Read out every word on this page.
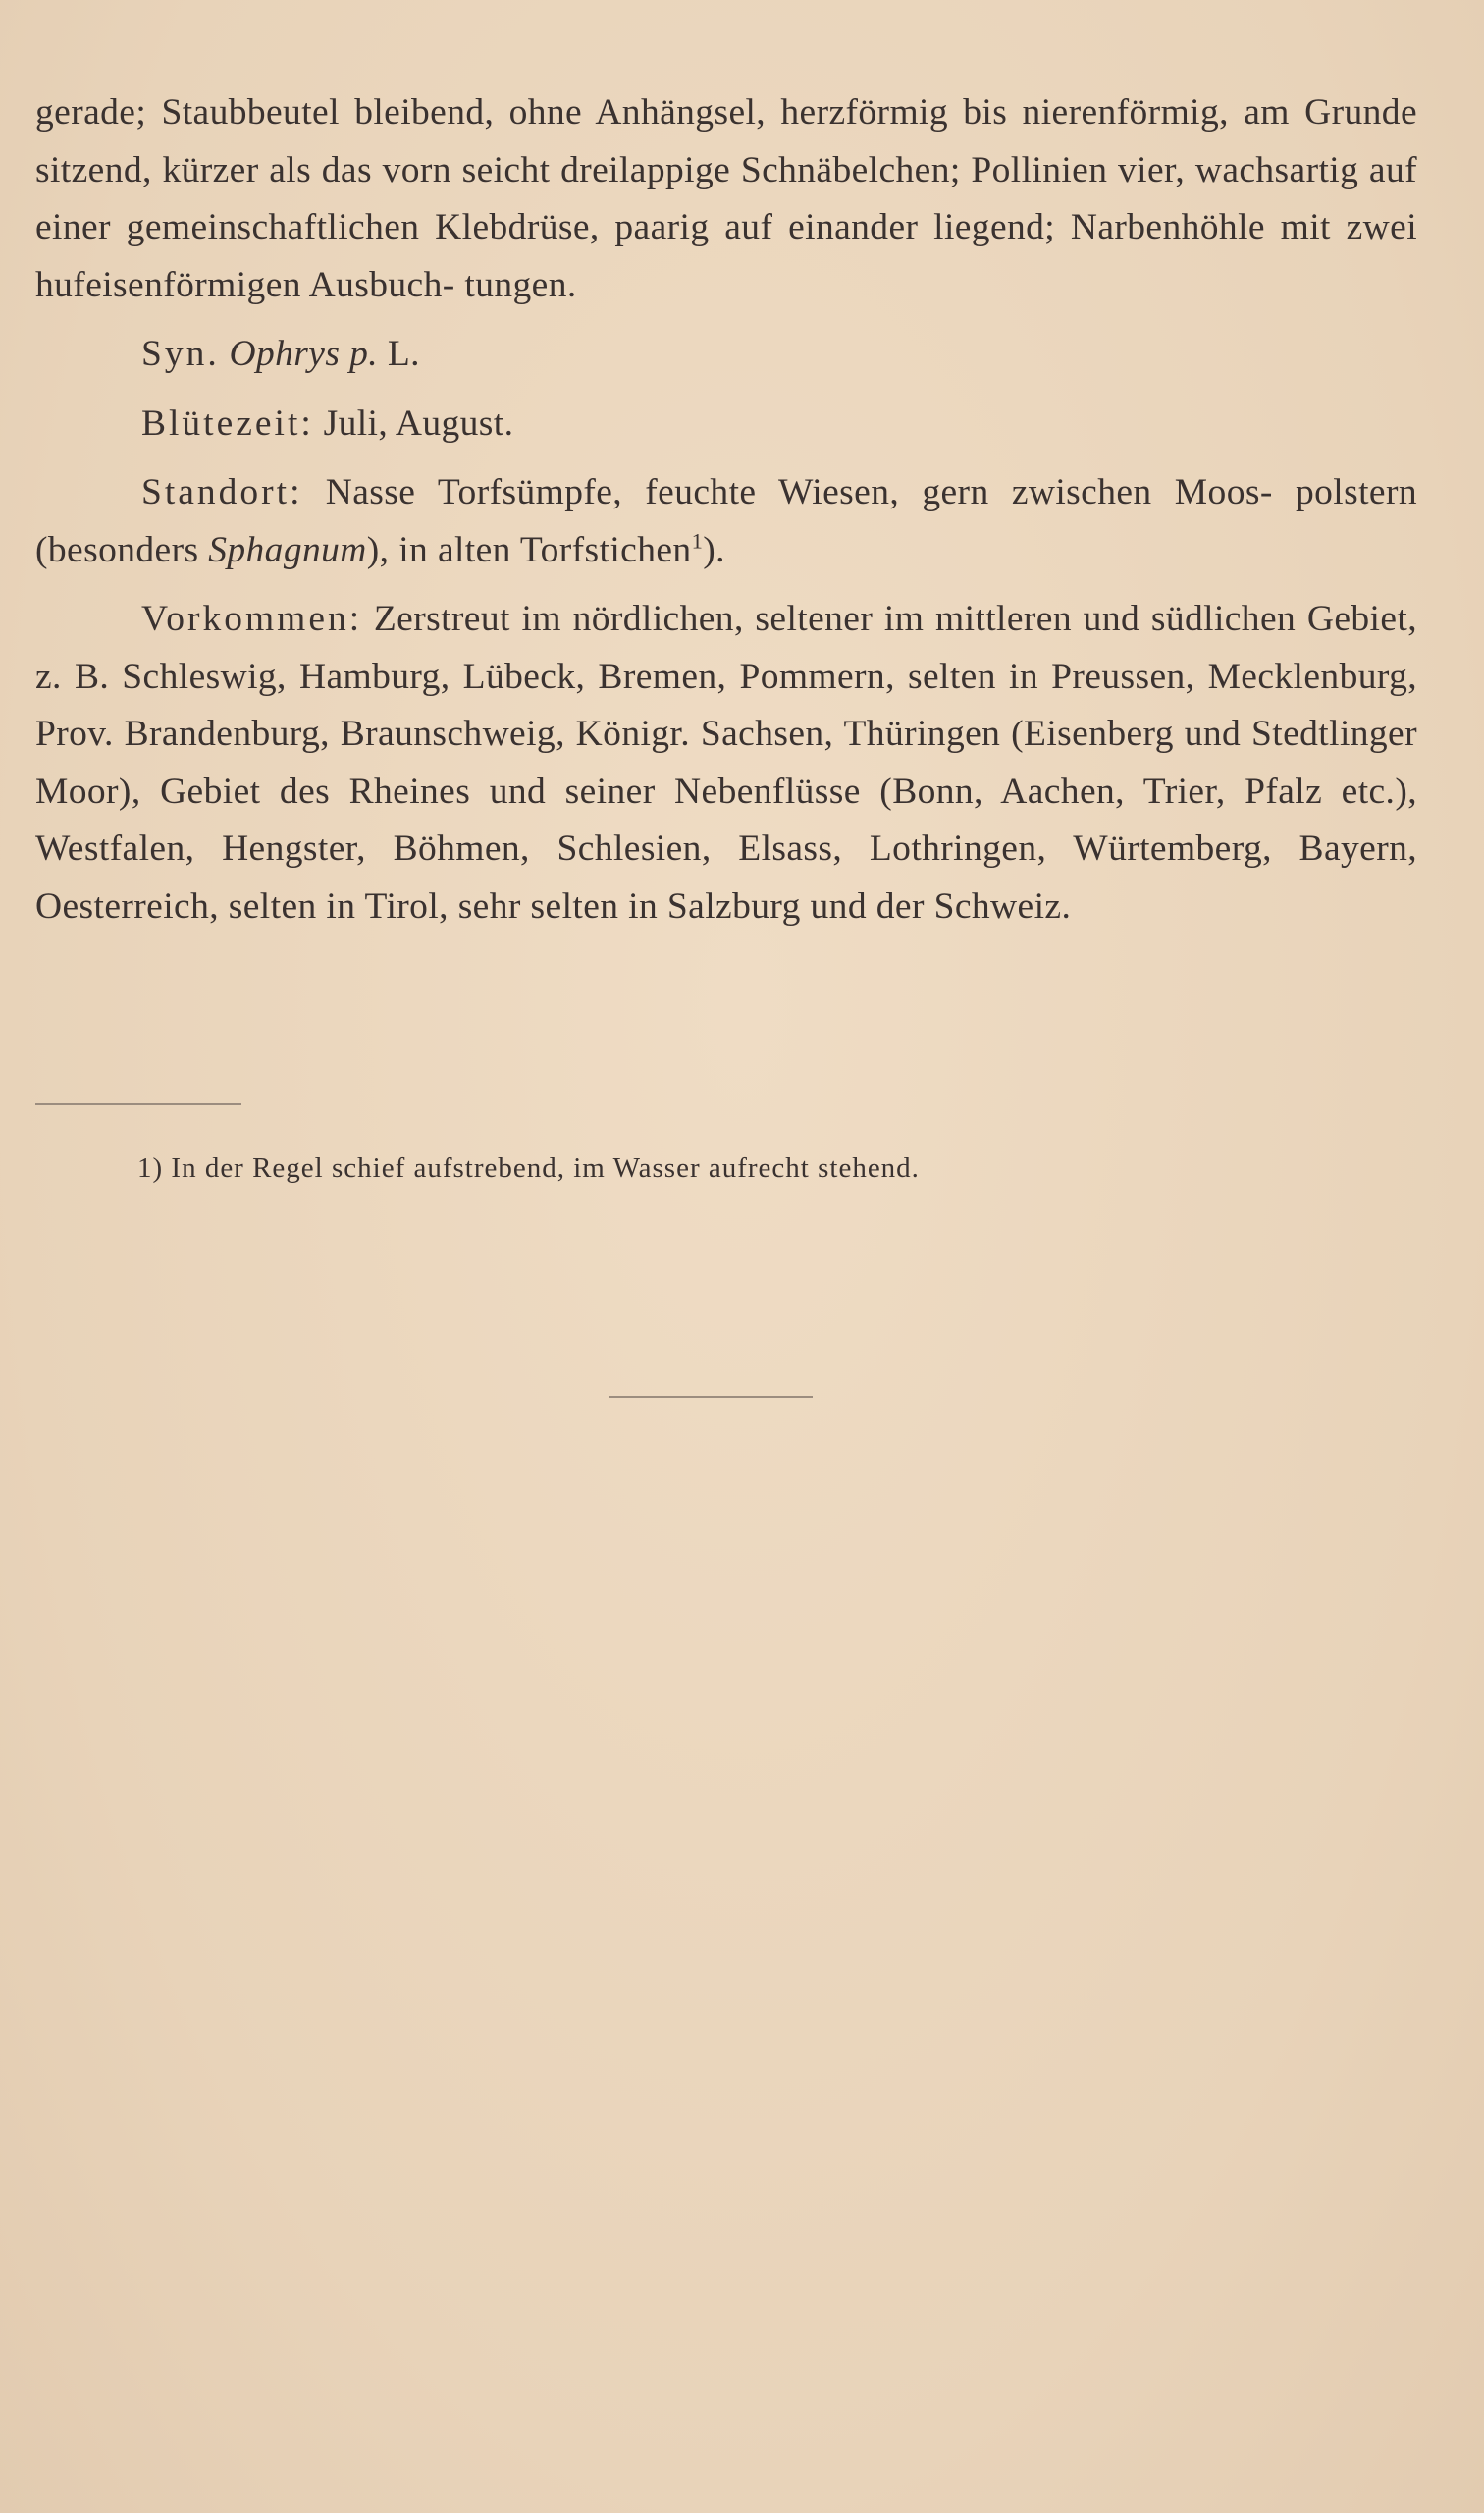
gerade; Staubbeutel bleibend, ohne Anhängsel, herzförmig bis nierenförmig, am Grunde sitzend, kürzer als das vorn seicht dreilappige Schnäbelchen; Pollinien vier, wachsartig auf einer gemeinschaftlichen Klebdrüse, paarig auf einander liegend; Narbenhöhle mit zwei hufeisenförmigen Ausbuch- tungen.

Syn. Ophrys p. L.

Blütezeit: Juli, August.

Standort: Nasse Torfsümpfe, feuchte Wiesen, gern zwischen Moos- polstern (besonders Sphagnum), in alten Torfstichen$^1$).

Vorkommen: Zerstreut im nördlichen, seltener im mittleren und südlichen Gebiet, z. B. Schleswig, Hamburg, Lübeck, Bremen, Pommern, selten in Preussen, Mecklenburg, Prov. Brandenburg, Braunschweig, Königr. Sachsen, Thüringen (Eisenberg und Stedtlinger Moor), Gebiet des Rheines und seiner Nebenflüsse (Bonn, Aachen, Trier, Pfalz etc.), Westfalen, Hengster, Böhmen, Schlesien, Elsass, Lothringen, Würtemberg, Bayern, Oesterreich, selten in Tirol, sehr selten in Salzburg und der Schweiz.

1) In der Regel schief aufstrebend, im Wasser aufrecht stehend.
